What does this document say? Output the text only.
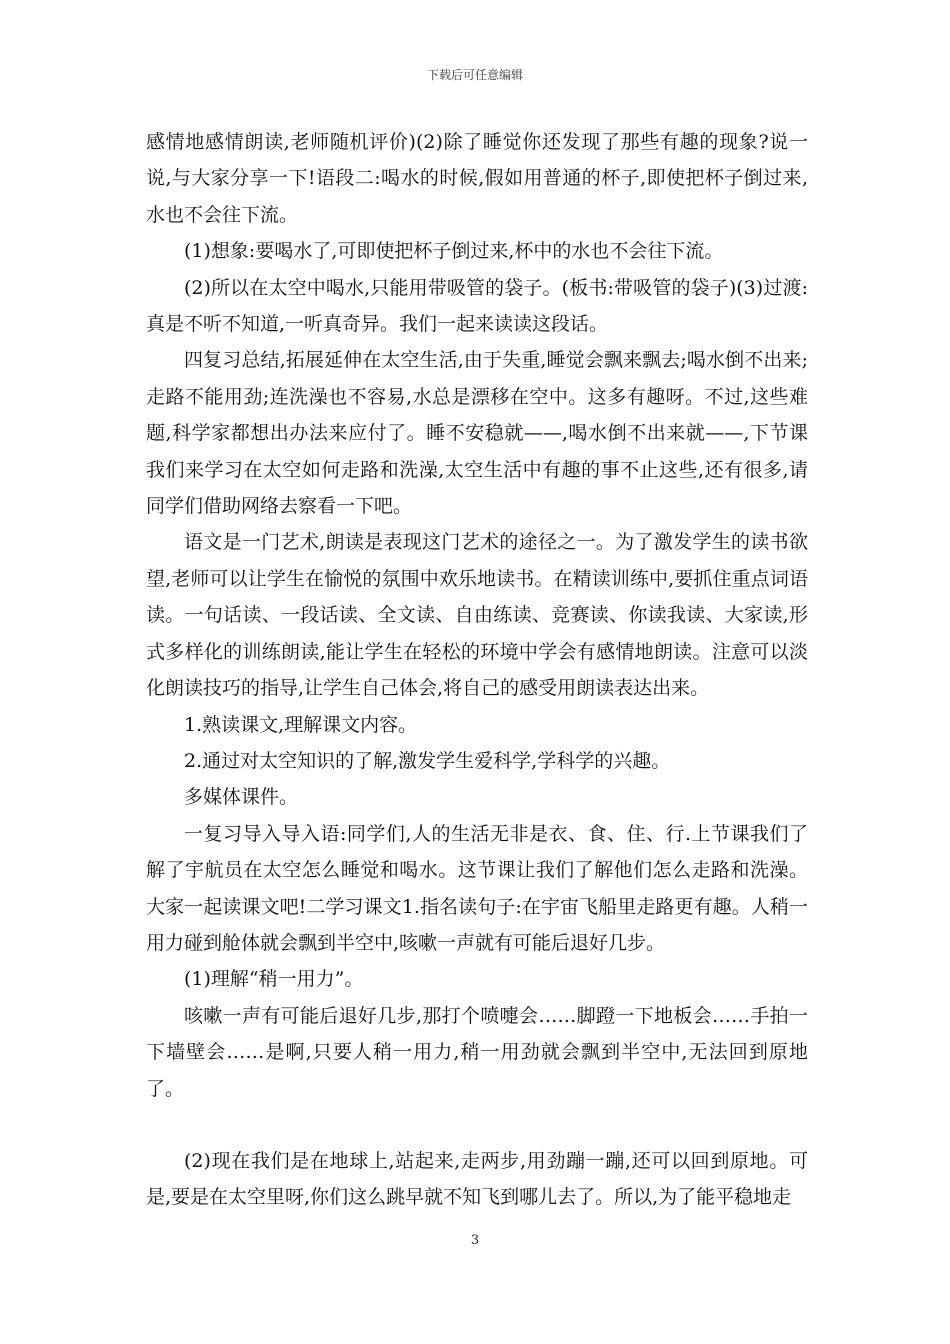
下载后可任意编辑

感情地感情朗读,老师随机评价)(2)除了睡觉你还发现了那些有趣的现象?说一说,与大家分享一下!语段二:喝水的时候,假如用普通的杯子,即使把杯子倒过来,水也不会往下流。

(1)想象:要喝水了,可即使把杯子倒过来,杯中的水也不会往下流。

(2)所以在太空中喝水,只能用带吸管的袋子。(板书:带吸管的袋子)(3)过渡:真是不听不知道,一听真奇异。我们一起来读读这段话。

四复习总结,拓展延伸在太空生活,由于失重,睡觉会飘来飘去;喝水倒不出来;走路不能用劲;连洗澡也不容易,水总是漂移在空中。这多有趣呀。不过,这些难题,科学家都想出办法来应付了。睡不安稳就——,喝水倒不出来就——,下节课我们来学习在太空如何走路和洗澡,太空生活中有趣的事不止这些,还有很多,请同学们借助网络去察看一下吧。

语文是一门艺术,朗读是表现这门艺术的途径之一。为了激发学生的读书欲望,老师可以让学生在愉悦的氛围中欢乐地读书。在精读训练中,要抓住重点词语读。一句话读、一段话读、全文读、自由练读、竞赛读、你读我读、大家读,形式多样化的训练朗读,能让学生在轻松的环境中学会有感情地朗读。注意可以淡化朗读技巧的指导,让学生自己体会,将自己的感受用朗读表达出来。

1.熟读课文,理解课文内容。

2.通过对太空知识的了解,激发学生爱科学,学科学的兴趣。

多媒体课件。

一复习导入导入语:同学们,人的生活无非是衣、食、住、行.上节课我们了解了宇航员在太空怎么睡觉和喝水。这节课让我们了解他们怎么走路和洗澡。大家一起读课文吧!二学习课文1.指名读句子:在宇宙飞船里走路更有趣。人稍一用力碰到舱体就会飘到半空中,咳嗽一声就有可能后退好几步。

(1)理解“稍一用力”。

咳嗽一声有可能后退好几步,那打个喷嚏会……脚蹬一下地板会……手拍一下墙壁会……是啊,只要人稍一用力,稍一用劲就会飘到半空中,无法回到原地了。

(2)现在我们是在地球上,站起来,走两步,用劲蹦一蹦,还可以回到原地。可是,要是在太空里呀,你们这么跳早就不知飞到哪儿去了。所以,为了能平稳地走

3
